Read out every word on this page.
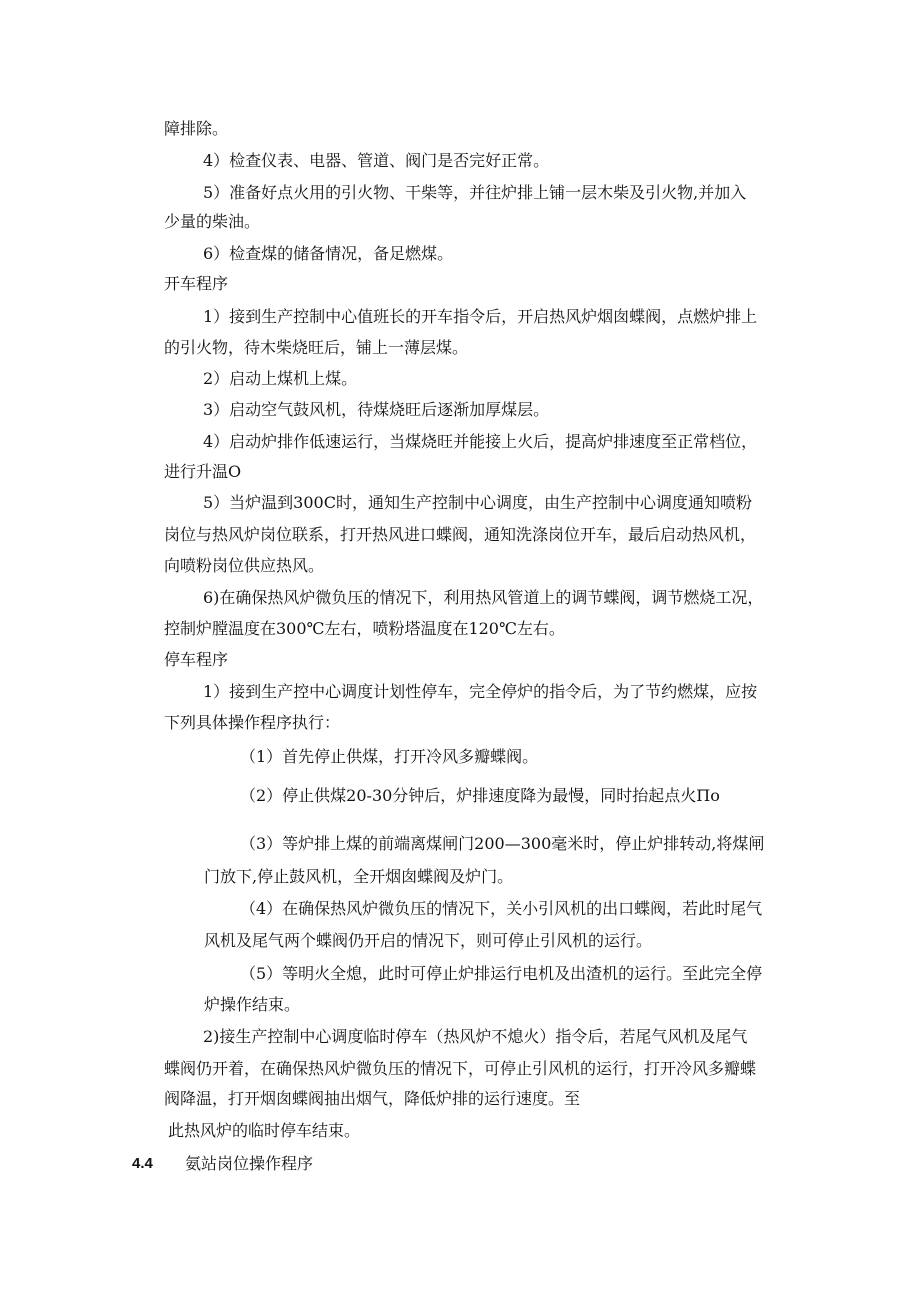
障排除。
4）检查仪表、电器、管道、阀门是否完好正常。
5）准备好点火用的引火物、干柴等，并往炉排上铺一层木柴及引火物,并加入
少量的柴油。
6）检查煤的储备情况，备足燃煤。
开车程序
1）接到生产控制中心值班长的开车指令后，开启热风炉烟囱蝶阀，点燃炉排上
的引火物，待木柴烧旺后，铺上一薄层煤。
2）启动上煤机上煤。
3）启动空气鼓风机，待煤烧旺后逐渐加厚煤层。
4）启动炉排作低速运行，当煤烧旺并能接上火后，提高炉排速度至正常档位，
进行升温O
5）当炉温到300C时，通知生产控制中心调度，由生产控制中心调度通知喷粉
岗位与热风炉岗位联系，打开热风进口蝶阀，通知洗涤岗位开车，最后启动热风机，
向喷粉岗位供应热风。
6)在确保热风炉微负压的情况下，利用热风管道上的调节蝶阀，调节燃烧工况，
控制炉膛温度在300℃左右，喷粉塔温度在120℃左右。
停车程序
1）接到生产控中心调度计划性停车，完全停炉的指令后，为了节约燃煤，应按
下列具体操作程序执行：
（1）首先停止供煤，打开冷风多瓣蝶阀。
（2）停止供煤20-30分钟后，炉排速度降为最慢，同时抬起点火Πo
（3）等炉排上煤的前端离煤闸门200—300毫米时，停止炉排转动,将煤闸
门放下,停止鼓风机，全开烟囱蝶阀及炉门。
（4）在确保热风炉微负压的情况下，关小引风机的出口蝶阀，若此时尾气
风机及尾气两个蝶阀仍开启的情况下，则可停止引风机的运行。
（5）等明火全熄，此时可停止炉排运行电机及出渣机的运行。至此完全停
炉操作结束。
2)接生产控制中心调度临时停车（热风炉不熄火）指令后，若尾气风机及尾气
蝶阀仍开着，在确保热风炉微负压的情况下，可停止引风机的运行，打开冷风多瓣蝶
阀降温，打开烟囱蝶阀抽出烟气，降低炉排的运行速度。至
此热风炉的临时停车结束。
4.4 氨站岗位操作程序
